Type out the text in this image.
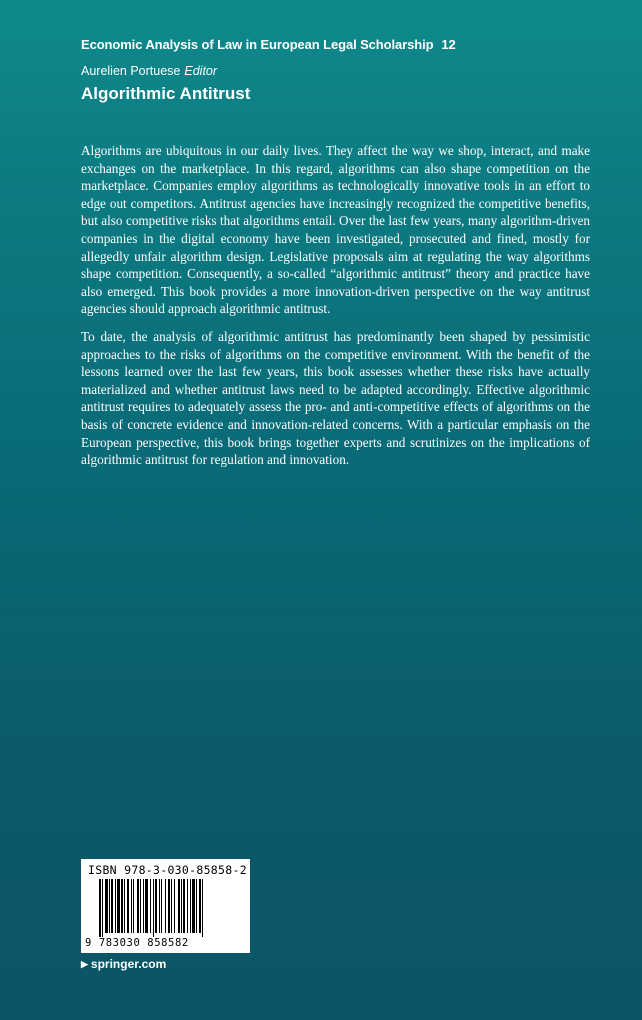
Economic Analysis of Law in European Legal Scholarship 12
Aurelien Portuese Editor
Algorithmic Antitrust

Algorithms are ubiquitous in our daily lives. They affect the way we shop, interact, and make exchanges on the marketplace. In this regard, algorithms can also shape competition on the marketplace. Companies employ algorithms as technologically innovative tools in an effort to edge out competitors. Antitrust agencies have increasingly recognized the competitive benefits, but also competitive risks that algorithms entail. Over the last few years, many algorithm-driven companies in the digital economy have been investigated, prosecuted and fined, mostly for allegedly unfair algorithm design. Legislative proposals aim at regulating the way algorithms shape competition. Consequently, a so-called “algorithmic antitrust” theory and practice have also emerged. This book provides a more innovation-driven perspective on the way antitrust agencies should approach algorithmic antitrust.

To date, the analysis of algorithmic antitrust has predominantly been shaped by pessimistic approaches to the risks of algorithms on the competitive environment. With the benefit of the lessons learned over the last few years, this book assesses whether these risks have actually materialized and whether antitrust laws need to be adapted accordingly. Effective algorithmic antitrust requires to adequately assess the pro- and anti-competitive effects of algorithms on the basis of concrete evidence and innovation-related concerns. With a particular emphasis on the European perspective, this book brings together experts and scrutinizes on the implications of algorithmic antitrust for regulation and innovation.

ISBN 978-3-030-85858-2
9 783030 858582
▶ springer.com
